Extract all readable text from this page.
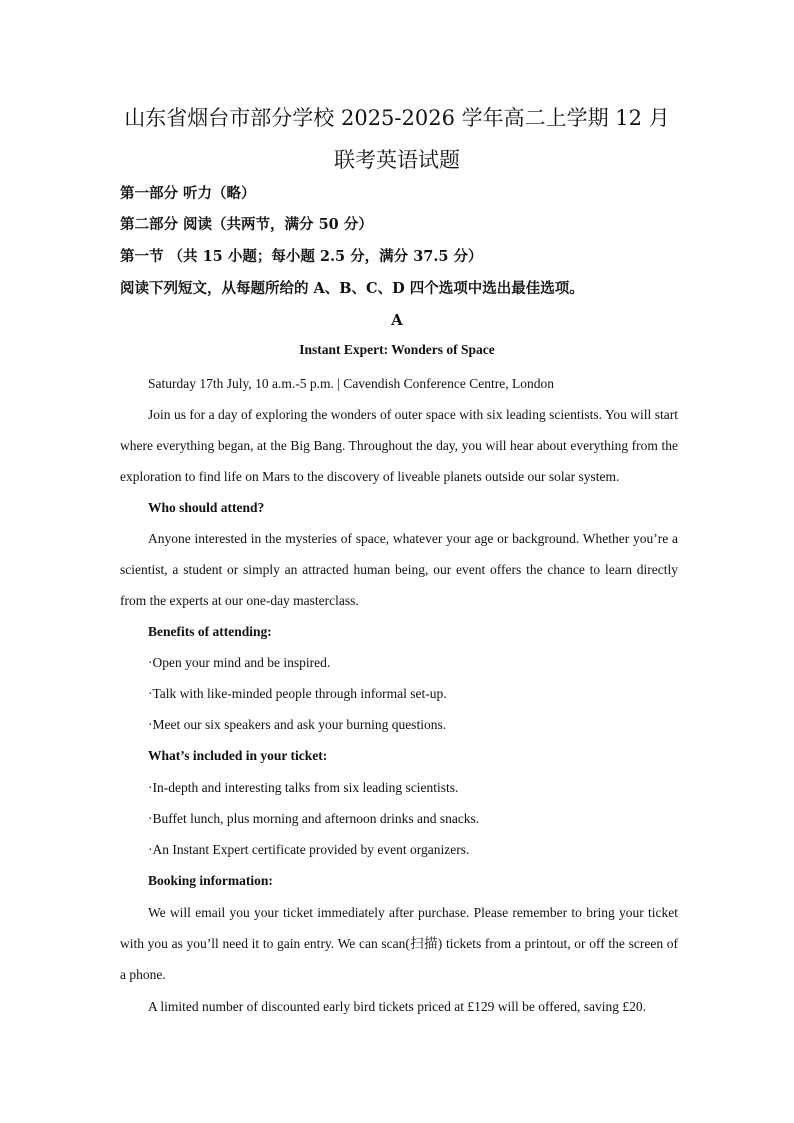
山东省烟台市部分学校 2025-2026 学年高二上学期 12 月
联考英语试题
第一部分 听力（略）
第二部分 阅读（共两节，满分 50 分）
第一节 （共 15 小题；每小题 2.5 分，满分 37.5 分）
阅读下列短文，从每题所给的 A、B、C、D 四个选项中选出最佳选项。
A
Instant Expert: Wonders of Space

Saturday 17th July, 10 a.m.-5 p.m. | Cavendish Conference Centre, London

Join us for a day of exploring the wonders of outer space with six leading scientists. You will start where everything began, at the Big Bang. Throughout the day, you will hear about everything from the exploration to find life on Mars to the discovery of liveable planets outside our solar system.

Who should attend?

Anyone interested in the mysteries of space, whatever your age or background. Whether you’re a scientist, a student or simply an attracted human being, our event offers the chance to learn directly from the experts at our one-day masterclass.

Benefits of attending:
·Open your mind and be inspired.
·Talk with like-minded people through informal set-up.
·Meet our six speakers and ask your burning questions.
What’s included in your ticket:
·In-depth and interesting talks from six leading scientists.
·Buffet lunch, plus morning and afternoon drinks and snacks.
·An Instant Expert certificate provided by event organizers.
Booking information:

We will email you your ticket immediately after purchase. Please remember to bring your ticket with you as you’ll need it to gain entry. We can scan(扫描) tickets from a printout, or off the screen of a phone.

A limited number of discounted early bird tickets priced at £129 will be offered, saving £20.
